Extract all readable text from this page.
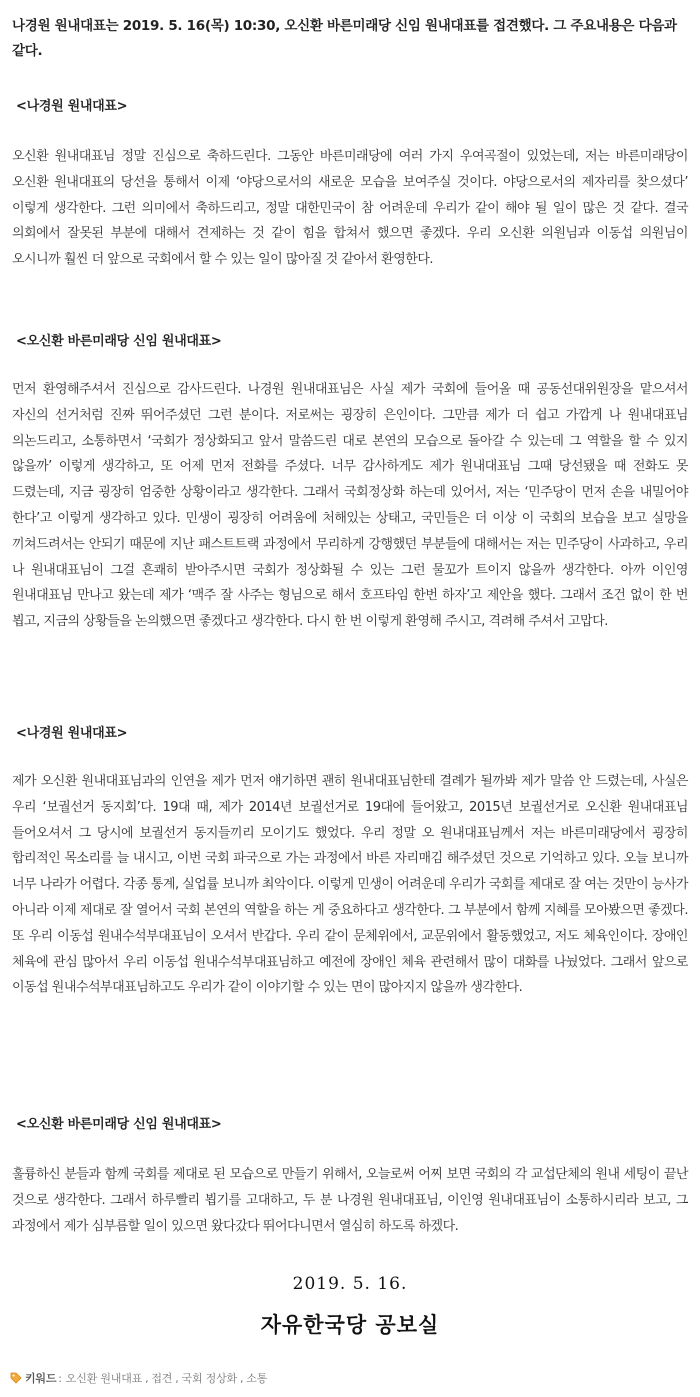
나경원 원내대표는 2019. 5. 16(목) 10:30, 오신환 바른미래당 신임 원내대표를 접견했다. 그 주요내용은 다음과 같다.
<나경원 원내대표>
오신환 원내대표님 정말 진심으로 축하드린다. 그동안 바른미래당에 여러 가지 우여곡절이 있었는데, 저는 바른미래당이 오신환 원내대표의 당선을 통해서 이제 ‘야당으로서의 새로운 모습을 보여주실 것이다. 야당으로서의 제자리를 찾으셨다’ 이렇게 생각한다. 그런 의미에서 축하드리고, 정말 대한민국이 참 어려운데 우리가 같이 해야 될 일이 많은 것 같다. 결국 의회에서 잘못된 부분에 대해서 견제하는 것 같이 힘을 합쳐서 했으면 좋겠다. 우리 오신환 의원님과 이동섭 의원님이 오시니까 훨씬 더 앞으로 국회에서 할 수 있는 일이 많아질 것 같아서 환영한다.
<오신환 바른미래당 신임 원내대표>
먼저 환영해주셔서 진심으로 감사드린다. 나경원 원내대표님은 사실 제가 국회에 들어올 때 공동선대위원장을 맡으셔서 자신의 선거처럼 진짜 뛰어주셨던 그런 분이다. 저로써는 굉장히 은인이다. 그만큼 제가 더 쉽고 가깝게 나 원내대표님 의논드리고, 소통하면서 ‘국회가 정상화되고 앞서 말씀드린 대로 본연의 모습으로 돌아갈 수 있는데 그 역할을 할 수 있지 않을까’ 이렇게 생각하고, 또 어제 먼저 전화를 주셨다. 너무 감사하게도 제가 원내대표님 그때 당선됐을 때 전화도 못 드렸는데, 지금 굉장히 엄중한 상황이라고 생각한다. 그래서 국회정상화 하는데 있어서, 저는 ‘민주당이 먼저 손을 내밀어야 한다’고 이렇게 생각하고 있다. 민생이 굉장히 어려움에 처해있는 상태고, 국민들은 더 이상 이 국회의 보습을 보고 실망을 끼쳐드려서는 안되기 때문에 지난 패스트트랙 과정에서 무리하게 강행했던 부분들에 대해서는 저는 민주당이 사과하고, 우리 나 원내대표님이 그걸 흔쾌히 받아주시면 국회가 정상화될 수 있는 그런 물꼬가 트이지 않을까 생각한다. 아까 이인영 원내대표님 만나고 왔는데 제가 ‘맥주 잘 사주는 형님으로 해서 호프타임 한번 하자’고 제안을 했다. 그래서 조건 없이 한 번 뵙고, 지금의 상황들을 논의했으면 좋겠다고 생각한다. 다시 한 번 이렇게 환영해 주시고, 격려해 주셔서 고맙다.
<나경원 원내대표>
제가 오신환 원내대표님과의 인연을 제가 먼저 얘기하면 괜히 원내대표님한테 결례가 될까봐 제가 말씀 안 드렸는데, 사실은 우리 ‘보궐선거 동지회’다. 19대 때, 제가 2014년 보궐선거로 19대에 들어왔고, 2015년 보궐선거로 오신환 원내대표님 들어오셔서 그 당시에 보궐선거 동지들끼리 모이기도 했었다. 우리 정말 오 원내대표님께서 저는 바른미래당에서 굉장히 합리적인 목소리를 늘 내시고, 이번 국회 파국으로 가는 과정에서 바른 자리매김 해주셨던 것으로 기억하고 있다. 오늘 보니까 너무 나라가 어렵다. 각종 통계, 실업률 보니까 최악이다. 이렇게 민생이 어려운데 우리가 국회를 제대로 잘 여는 것만이 능사가 아니라 이제 제대로 잘 열어서 국회 본연의 역할을 하는 게 중요하다고 생각한다. 그 부분에서 함께 지혜를 모아봤으면 좋겠다. 또 우리 이동섭 원내수석부대표님이 오셔서 반갑다. 우리 같이 문체위에서, 교문위에서 활동했었고, 저도 체육인이다. 장애인 체육에 관심 많아서 우리 이동섭 원내수석부대표님하고 예전에 장애인 체육 관련해서 많이 대화를 나눴었다. 그래서 앞으로 이동섭 원내수석부대표님하고도 우리가 같이 이야기할 수 있는 면이 많아지지 않을까 생각한다.
<오신환 바른미래당 신임 원내대표>
훌륭하신 분들과 함께 국회를 제대로 된 모습으로 만들기 위해서, 오늘로써 어찌 보면 국회의 각 교섭단체의 원내 세팅이 끝난 것으로 생각한다. 그래서 하루빨리 뵙기를 고대하고, 두 분 나경원 원내대표님, 이인영 원내대표님이 소통하시리라 보고, 그 과정에서 제가 심부름할 일이 있으면 왔다갔다 뛰어다니면서 열심히 하도록 하겠다.
2019. 5. 16.
자유한국당 공보실
키워드 : 오신환 원내대표 , 접견 , 국회 정상화 , 소통
